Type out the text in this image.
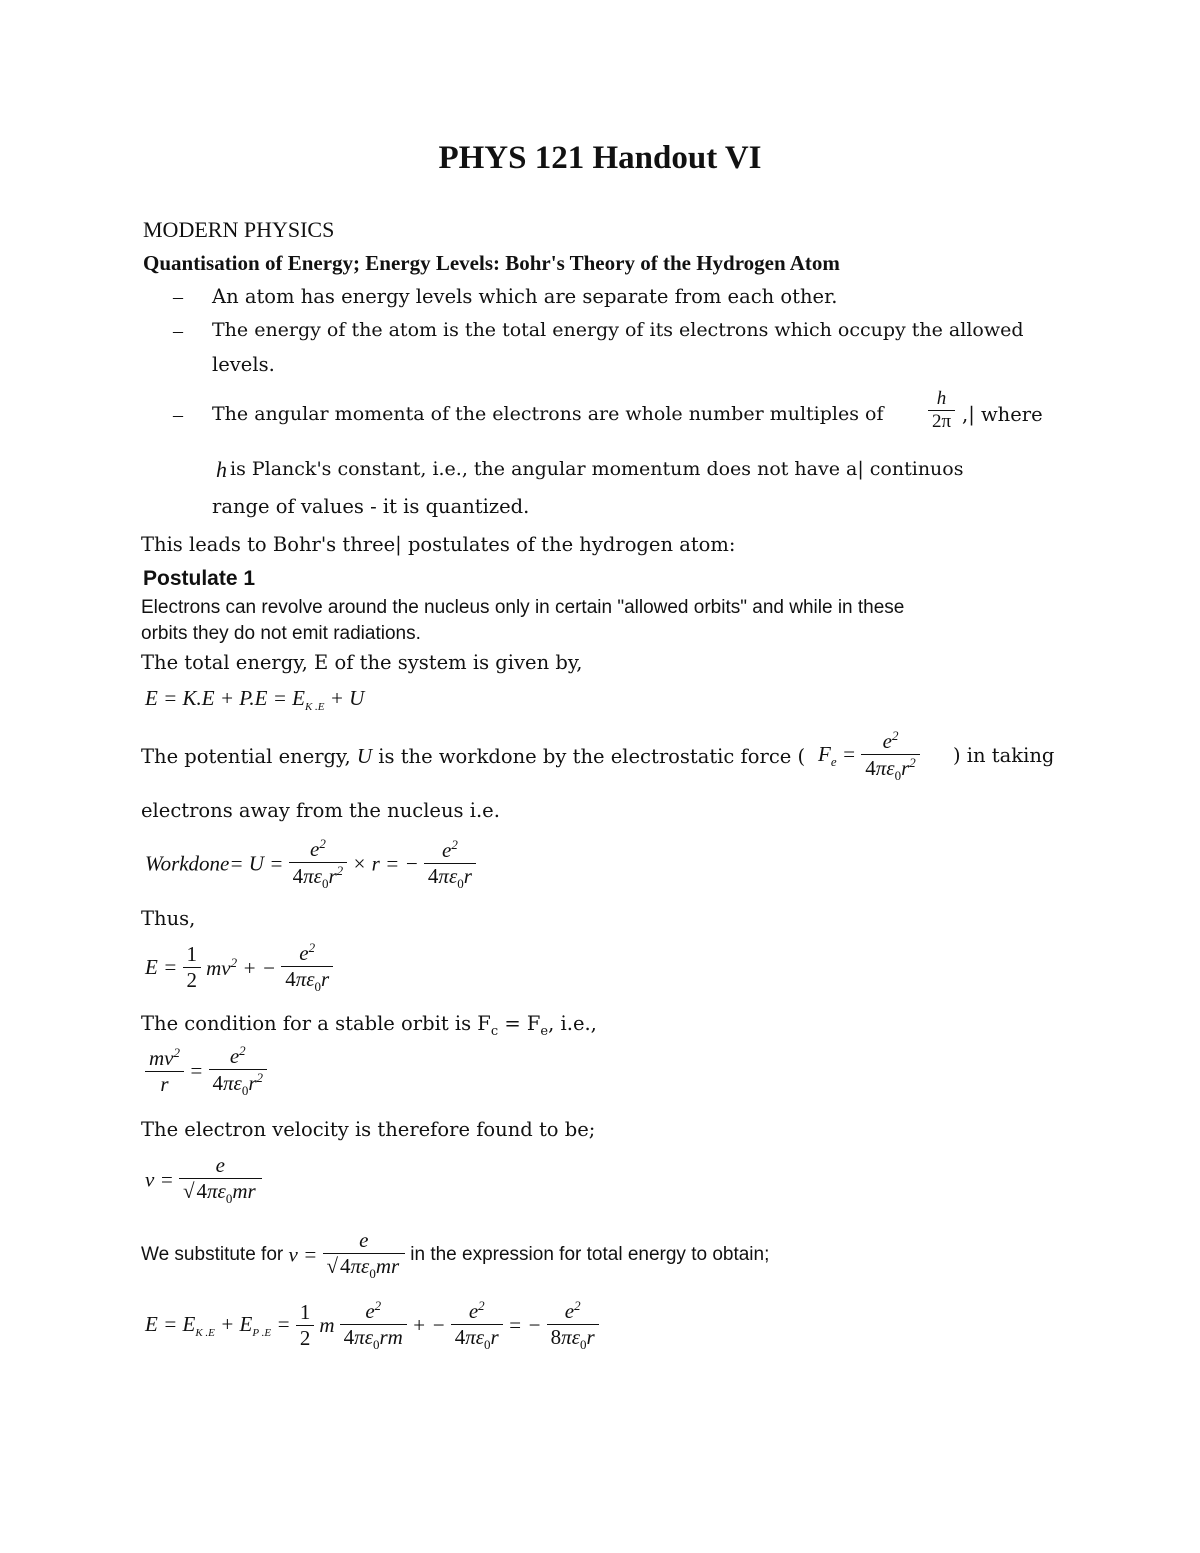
PHYS 121 Handout VI
MODERN PHYSICS
Quantisation of Energy; Energy Levels: Bohr's Theory of the Hydrogen Atom
– An atom has energy levels which are separate from each other.
– The energy of the atom is the total energy of its electrons which occupy the allowed
levels.
– The angular momenta of the electrons are whole number multiples of $\frac{h}{2\pi}$ ,| where
h is Planck's constant, i.e., the angular momentum does not have a| continuos
range of values - it is quantized.
This leads to Bohr's three| postulates of the hydrogen atom:
Postulate 1
Electrons can revolve around the nucleus only in certain "allowed orbits" and while in these
orbits they do not emit radiations.
The total energy, E of the system is given by,
$E = K.E + P.E = E_{K .E} + U$
The potential energy, U is the workdone by the electrostatic force ( $F_e = \frac{e^2}{4\pi\varepsilon_0r^2}$ ) in taking
electrons away from the nucleus i.e.
Workdone= $U = \frac{e^2}{4\pi\varepsilon_0r^2} \times r$ = − $\frac{e^2}{4\pi\varepsilon_0r}$
Thus,
$E = \frac{1}{2} mv^2$ + − $\frac{e^2}{4\pi\varepsilon_0r}$
The condition for a stable orbit is $F_c = F_e$, i.e.,
$\frac{mv^2}{r} = \frac{e^2}{4\pi\varepsilon_0r^2}$
The electron velocity is therefore found to be;
$v = \frac{e}{√4\pi\varepsilon_0mr}$
We substitute for $v = \frac{e}{√4\pi\varepsilon_0mr}$ in the expression for total energy to obtain;
$E = E_{K .E} + E_{P .E} = \frac{1}{2}$ m $\frac{e^2}{4\pi\varepsilon_0rm}$ + − $\frac{e^2}{4\pi\varepsilon_0r}$ = − $\frac{e^2}{8\pi\varepsilon_0r}$
